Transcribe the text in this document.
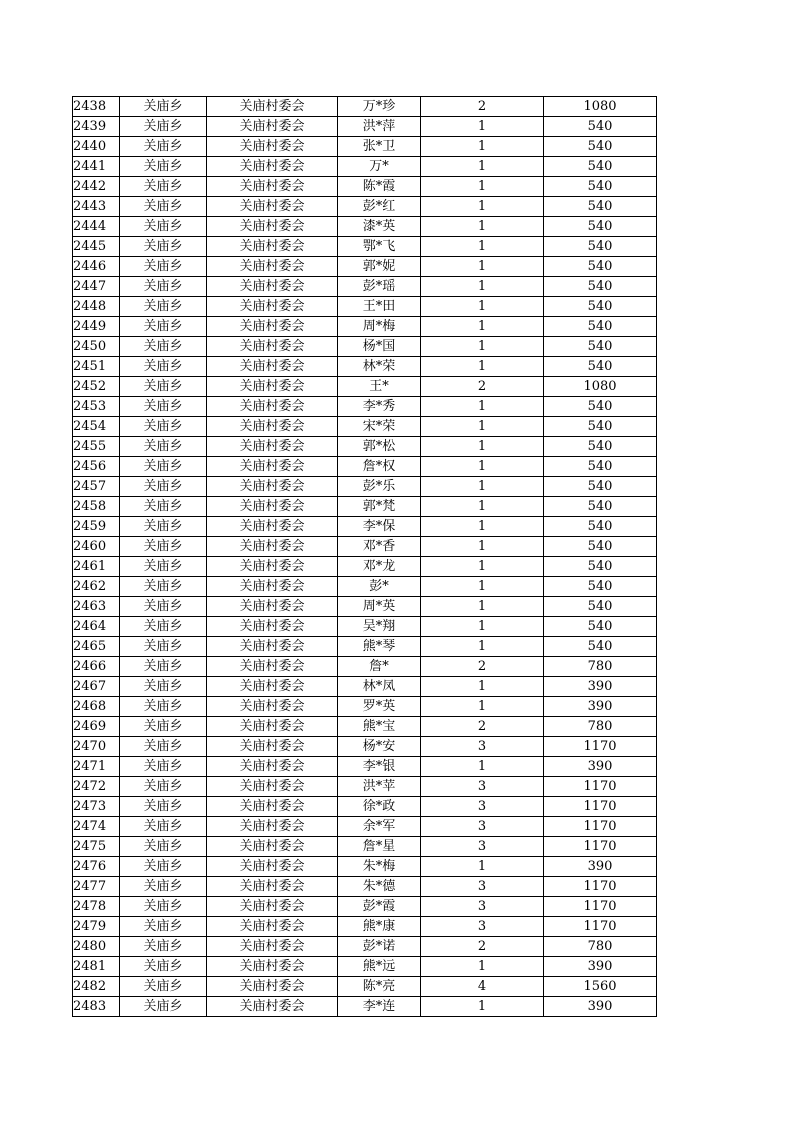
2438	关庙乡	关庙村委会	万*珍	2	1080
2439	关庙乡	关庙村委会	洪*萍	1	540
2440	关庙乡	关庙村委会	张*卫	1	540
2441	关庙乡	关庙村委会	万*	1	540
2442	关庙乡	关庙村委会	陈*霞	1	540
2443	关庙乡	关庙村委会	彭*红	1	540
2444	关庙乡	关庙村委会	漆*英	1	540
2445	关庙乡	关庙村委会	鄂*飞	1	540
2446	关庙乡	关庙村委会	郭*妮	1	540
2447	关庙乡	关庙村委会	彭*瑶	1	540
2448	关庙乡	关庙村委会	王*田	1	540
2449	关庙乡	关庙村委会	周*梅	1	540
2450	关庙乡	关庙村委会	杨*国	1	540
2451	关庙乡	关庙村委会	林*荣	1	540
2452	关庙乡	关庙村委会	王*	2	1080
2453	关庙乡	关庙村委会	李*秀	1	540
2454	关庙乡	关庙村委会	宋*荣	1	540
2455	关庙乡	关庙村委会	郭*松	1	540
2456	关庙乡	关庙村委会	詹*权	1	540
2457	关庙乡	关庙村委会	彭*乐	1	540
2458	关庙乡	关庙村委会	郭*梵	1	540
2459	关庙乡	关庙村委会	李*保	1	540
2460	关庙乡	关庙村委会	邓*香	1	540
2461	关庙乡	关庙村委会	邓*龙	1	540
2462	关庙乡	关庙村委会	彭*	1	540
2463	关庙乡	关庙村委会	周*英	1	540
2464	关庙乡	关庙村委会	吴*翔	1	540
2465	关庙乡	关庙村委会	熊*琴	1	540
2466	关庙乡	关庙村委会	詹*	2	780
2467	关庙乡	关庙村委会	林*凤	1	390
2468	关庙乡	关庙村委会	罗*英	1	390
2469	关庙乡	关庙村委会	熊*宝	2	780
2470	关庙乡	关庙村委会	杨*安	3	1170
2471	关庙乡	关庙村委会	李*银	1	390
2472	关庙乡	关庙村委会	洪*苹	3	1170
2473	关庙乡	关庙村委会	徐*政	3	1170
2474	关庙乡	关庙村委会	余*军	3	1170
2475	关庙乡	关庙村委会	詹*星	3	1170
2476	关庙乡	关庙村委会	朱*梅	1	390
2477	关庙乡	关庙村委会	朱*德	3	1170
2478	关庙乡	关庙村委会	彭*霞	3	1170
2479	关庙乡	关庙村委会	熊*康	3	1170
2480	关庙乡	关庙村委会	彭*诺	2	780
2481	关庙乡	关庙村委会	熊*远	1	390
2482	关庙乡	关庙村委会	陈*亮	4	1560
2483	关庙乡	关庙村委会	李*连	1	390
